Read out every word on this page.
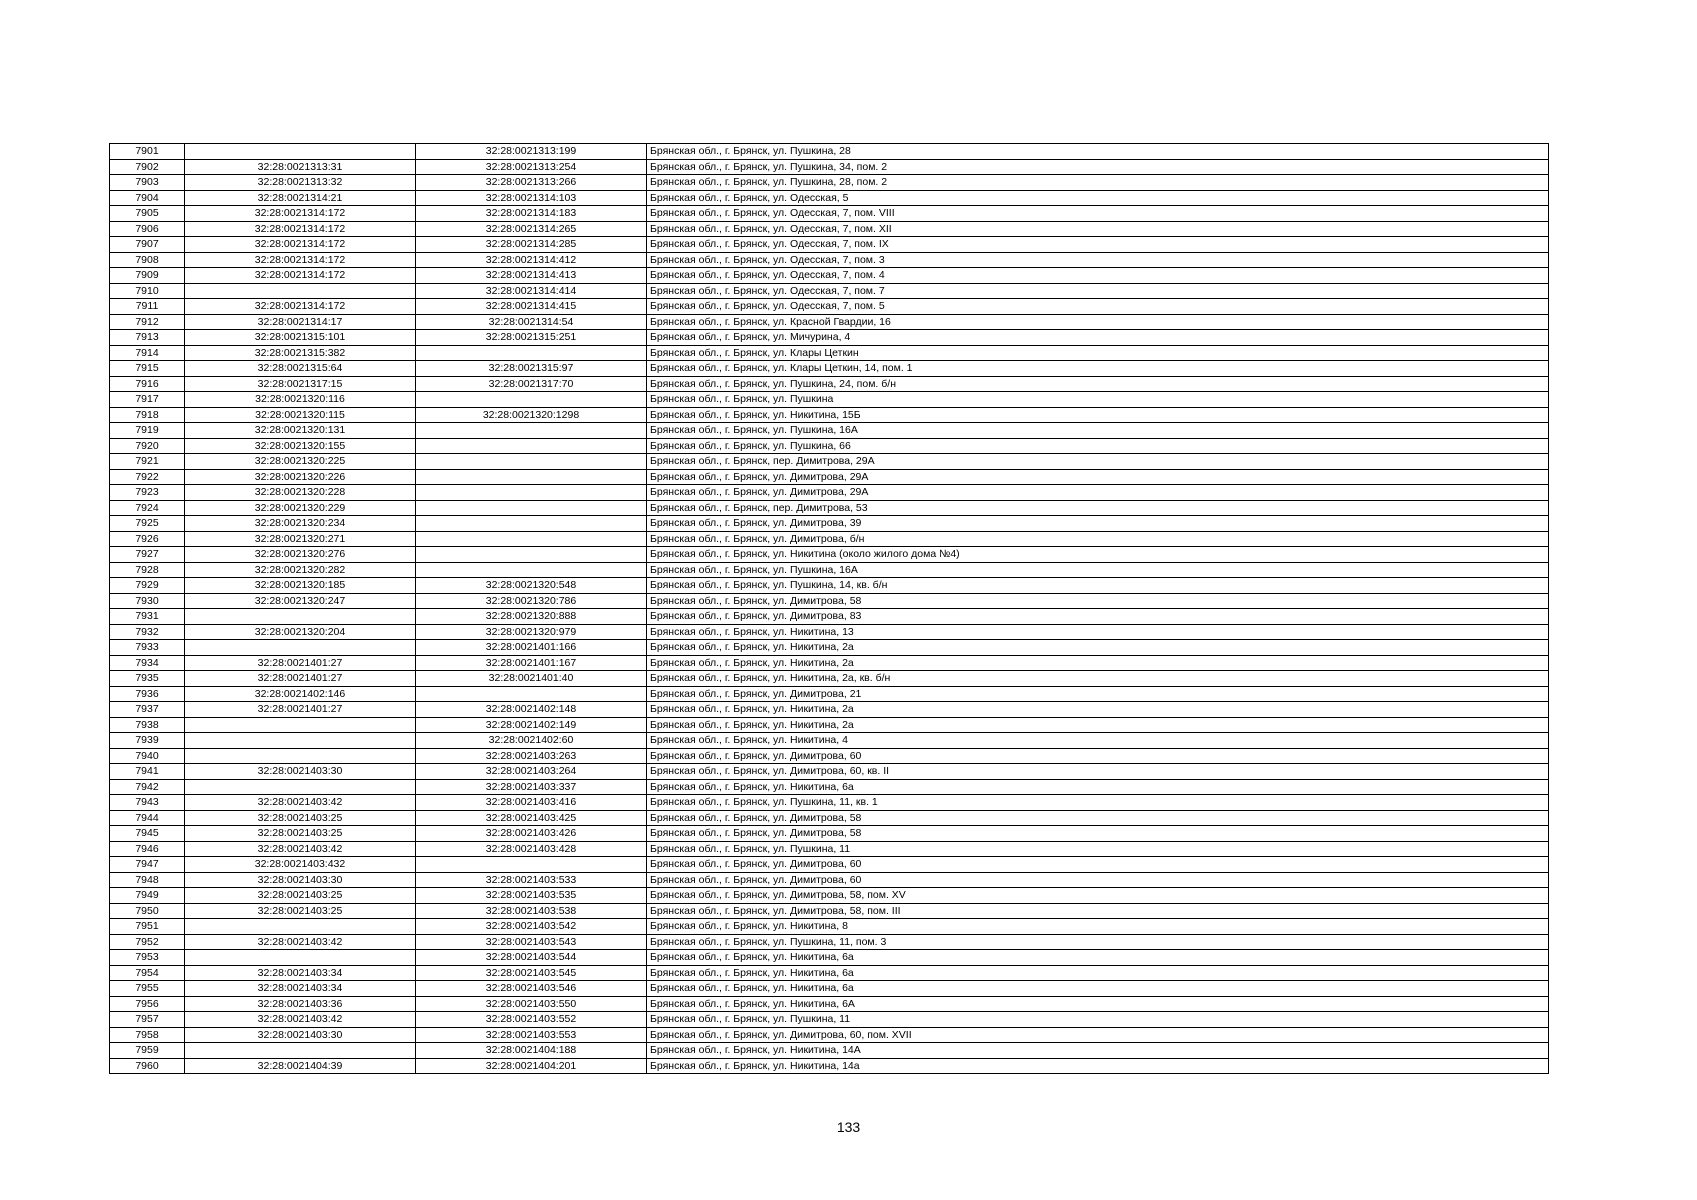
7901		32:28:0021313:199	Брянская обл., г. Брянск, ул. Пушкина, 28
7902	32:28:0021313:31	32:28:0021313:254	Брянская обл., г. Брянск, ул. Пушкина, 34, пом. 2
7903	32:28:0021313:32	32:28:0021313:266	Брянская обл., г. Брянск, ул. Пушкина, 28, пом. 2
7904	32:28:0021314:21	32:28:0021314:103	Брянская обл., г. Брянск, ул. Одесская, 5
7905	32:28:0021314:172	32:28:0021314:183	Брянская обл., г. Брянск, ул. Одесская, 7, пом. VIII
7906	32:28:0021314:172	32:28:0021314:265	Брянская обл., г. Брянск, ул. Одесская, 7, пом. XII
7907	32:28:0021314:172	32:28:0021314:285	Брянская обл., г. Брянск, ул. Одесская, 7, пом. IX
7908	32:28:0021314:172	32:28:0021314:412	Брянская обл., г. Брянск, ул. Одесская, 7, пом. 3
7909	32:28:0021314:172	32:28:0021314:413	Брянская обл., г. Брянск, ул. Одесская, 7, пом. 4
7910		32:28:0021314:414	Брянская обл., г. Брянск, ул. Одесская, 7, пом. 7
7911	32:28:0021314:172	32:28:0021314:415	Брянская обл., г. Брянск, ул. Одесская, 7, пом. 5
7912	32:28:0021314:17	32:28:0021314:54	Брянская обл., г. Брянск, ул. Красной Гвардии, 16
7913	32:28:0021315:101	32:28:0021315:251	Брянская обл., г. Брянск, ул. Мичурина, 4
7914	32:28:0021315:382		Брянская обл., г. Брянск, ул. Клары Цеткин
7915	32:28:0021315:64	32:28:0021315:97	Брянская обл., г. Брянск, ул. Клары Цеткин, 14, пом. 1
7916	32:28:0021317:15	32:28:0021317:70	Брянская обл., г. Брянск, ул. Пушкина, 24, пом. б/н
7917	32:28:0021320:116		Брянская обл., г. Брянск, ул. Пушкина
7918	32:28:0021320:115	32:28:0021320:1298	Брянская обл., г. Брянск, ул. Никитина, 15Б
7919	32:28:0021320:131		Брянская обл., г. Брянск, ул. Пушкина, 16А
7920	32:28:0021320:155		Брянская обл., г. Брянск, ул. Пушкина, 66
7921	32:28:0021320:225		Брянская обл., г. Брянск, пер. Димитрова, 29А
7922	32:28:0021320:226		Брянская обл., г. Брянск, ул. Димитрова, 29А
7923	32:28:0021320:228		Брянская обл., г. Брянск, ул. Димитрова, 29А
7924	32:28:0021320:229		Брянская обл., г. Брянск, пер. Димитрова, 53
7925	32:28:0021320:234		Брянская обл., г. Брянск, ул. Димитрова, 39
7926	32:28:0021320:271		Брянская обл., г. Брянск, ул. Димитрова, б/н
7927	32:28:0021320:276		Брянская обл., г. Брянск, ул. Никитина (около жилого дома №4)
7928	32:28:0021320:282		Брянская обл., г. Брянск, ул. Пушкина, 16А
7929	32:28:0021320:185	32:28:0021320:548	Брянская обл., г. Брянск, ул. Пушкина, 14, кв. б/н
7930	32:28:0021320:247	32:28:0021320:786	Брянская обл., г. Брянск, ул. Димитрова, 58
7931		32:28:0021320:888	Брянская обл., г. Брянск, ул. Димитрова, 83
7932	32:28:0021320:204	32:28:0021320:979	Брянская обл., г. Брянск, ул. Никитина, 13
7933		32:28:0021401:166	Брянская обл., г. Брянск, ул. Никитина, 2а
7934	32:28:0021401:27	32:28:0021401:167	Брянская обл., г. Брянск, ул. Никитина, 2а
7935	32:28:0021401:27	32:28:0021401:40	Брянская обл., г. Брянск, ул. Никитина, 2а, кв. б/н
7936	32:28:0021402:146		Брянская обл., г. Брянск, ул. Димитрова, 21
7937	32:28:0021401:27	32:28:0021402:148	Брянская обл., г. Брянск, ул. Никитина, 2а
7938		32:28:0021402:149	Брянская обл., г. Брянск, ул. Никитина, 2а
7939		32:28:0021402:60	Брянская обл., г. Брянск, ул. Никитина, 4
7940		32:28:0021403:263	Брянская обл., г. Брянск, ул. Димитрова, 60
7941	32:28:0021403:30	32:28:0021403:264	Брянская обл., г. Брянск, ул. Димитрова, 60, кв. II
7942		32:28:0021403:337	Брянская обл., г. Брянск, ул. Никитина, 6а
7943	32:28:0021403:42	32:28:0021403:416	Брянская обл., г. Брянск, ул. Пушкина, 11, кв. 1
7944	32:28:0021403:25	32:28:0021403:425	Брянская обл., г. Брянск, ул. Димитрова, 58
7945	32:28:0021403:25	32:28:0021403:426	Брянская обл., г. Брянск, ул. Димитрова, 58
7946	32:28:0021403:42	32:28:0021403:428	Брянская обл., г. Брянск, ул. Пушкина, 11
7947	32:28:0021403:432		Брянская обл., г. Брянск, ул. Димитрова, 60
7948	32:28:0021403:30	32:28:0021403:533	Брянская обл., г. Брянск, ул. Димитрова, 60
7949	32:28:0021403:25	32:28:0021403:535	Брянская обл., г. Брянск, ул. Димитрова, 58, пом. XV
7950	32:28:0021403:25	32:28:0021403:538	Брянская обл., г. Брянск, ул. Димитрова, 58, пом. III
7951		32:28:0021403:542	Брянская обл., г. Брянск, ул. Никитина, 8
7952	32:28:0021403:42	32:28:0021403:543	Брянская обл., г. Брянск, ул. Пушкина, 11, пом. 3
7953		32:28:0021403:544	Брянская обл., г. Брянск, ул. Никитина, 6а
7954	32:28:0021403:34	32:28:0021403:545	Брянская обл., г. Брянск, ул. Никитина, 6а
7955	32:28:0021403:34	32:28:0021403:546	Брянская обл., г. Брянск, ул. Никитина, 6а
7956	32:28:0021403:36	32:28:0021403:550	Брянская обл., г. Брянск, ул. Никитина, 6А
7957	32:28:0021403:42	32:28:0021403:552	Брянская обл., г. Брянск, ул. Пушкина, 11
7958	32:28:0021403:30	32:28:0021403:553	Брянская обл., г. Брянск, ул. Димитрова, 60, пом. XVII
7959		32:28:0021404:188	Брянская обл., г. Брянск, ул. Никитина, 14А
7960	32:28:0021404:39	32:28:0021404:201	Брянская обл., г. Брянск, ул. Никитина, 14а
133
